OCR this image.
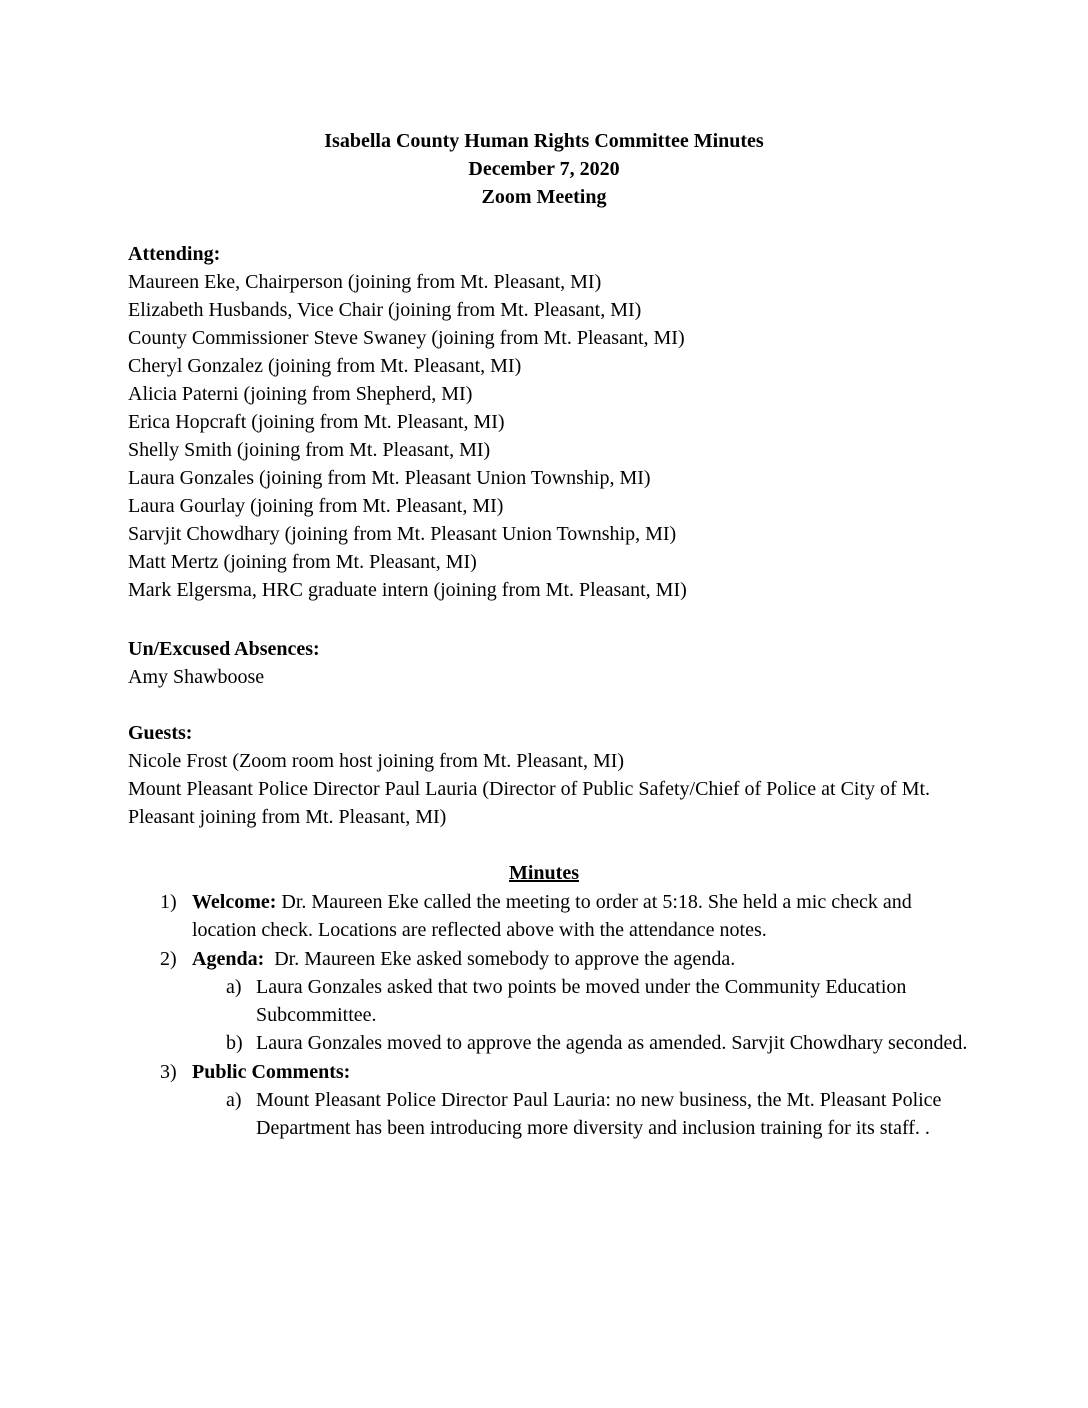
Isabella County Human Rights Committee Minutes
December 7, 2020
Zoom Meeting
Attending:
Maureen Eke, Chairperson (joining from Mt. Pleasant, MI)
Elizabeth Husbands, Vice Chair (joining from Mt. Pleasant, MI)
County Commissioner Steve Swaney (joining from Mt. Pleasant, MI)
Cheryl Gonzalez (joining from Mt. Pleasant, MI)
Alicia Paterni (joining from Shepherd, MI)
Erica Hopcraft (joining from Mt. Pleasant, MI)
Shelly Smith (joining from Mt. Pleasant, MI)
Laura Gonzales (joining from Mt. Pleasant Union Township, MI)
Laura Gourlay (joining from Mt. Pleasant, MI)
Sarvjit Chowdhary (joining from Mt. Pleasant Union Township, MI)
Matt Mertz (joining from Mt. Pleasant, MI)
Mark Elgersma, HRC graduate intern (joining from Mt. Pleasant, MI)
Un/Excused Absences:
Amy Shawboose
Guests:
Nicole Frost (Zoom room host joining from Mt. Pleasant, MI)
Mount Pleasant Police Director Paul Lauria (Director of Public Safety/Chief of Police at City of Mt. Pleasant joining from Mt. Pleasant, MI)
Minutes
1) Welcome: Dr. Maureen Eke called the meeting to order at 5:18. She held a mic check and location check. Locations are reflected above with the attendance notes.
2) Agenda:  Dr. Maureen Eke asked somebody to approve the agenda.
a) Laura Gonzales asked that two points be moved under the Community Education Subcommittee.
b) Laura Gonzales moved to approve the agenda as amended. Sarvjit Chowdhary seconded.
3) Public Comments:
a) Mount Pleasant Police Director Paul Lauria: no new business, the Mt. Pleasant Police Department has been introducing more diversity and inclusion training for its staff. .
